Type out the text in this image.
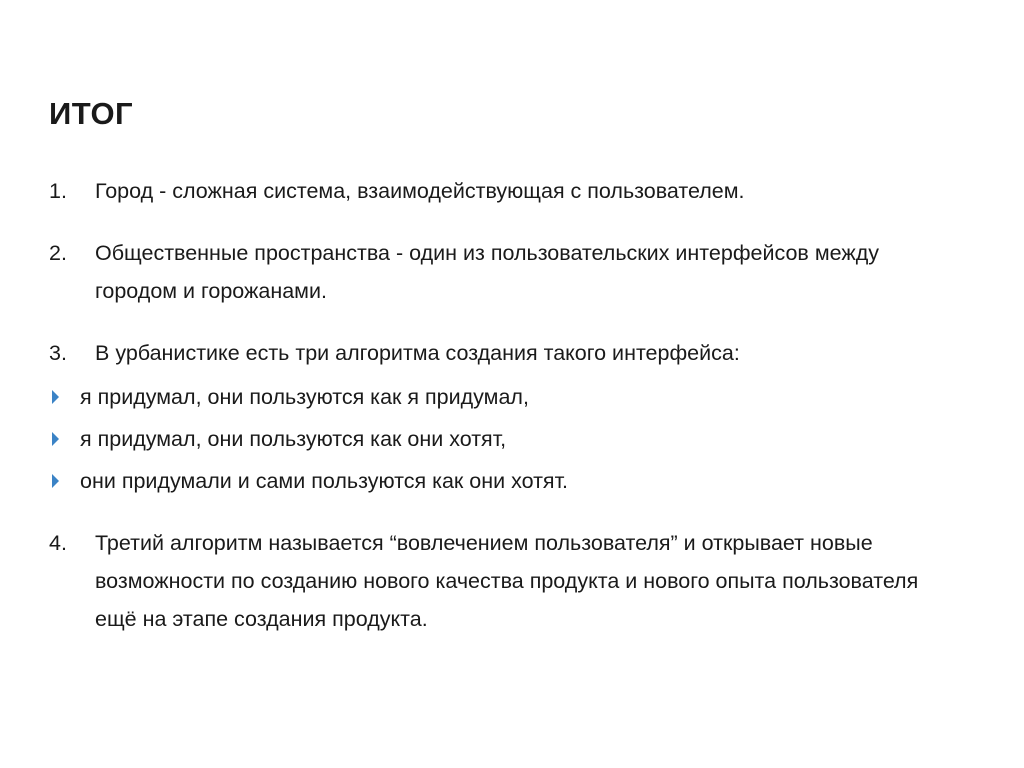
ИТОГ
1. Город - сложная система, взаимодействующая с пользователем.
2. Общественные пространства - один из пользовательских интерфейсов между городом и горожанами.
3. В урбанистике есть три алгоритма создания такого интерфейса:
я придумал, они пользуются как я придумал,
я придумал, они пользуются как они хотят,
они придумали и сами пользуются как они хотят.
4. Третий алгоритм называется “вовлечением пользователя” и открывает новые возможности по созданию нового качества продукта и нового опыта пользователя ещё на этапе создания продукта.
